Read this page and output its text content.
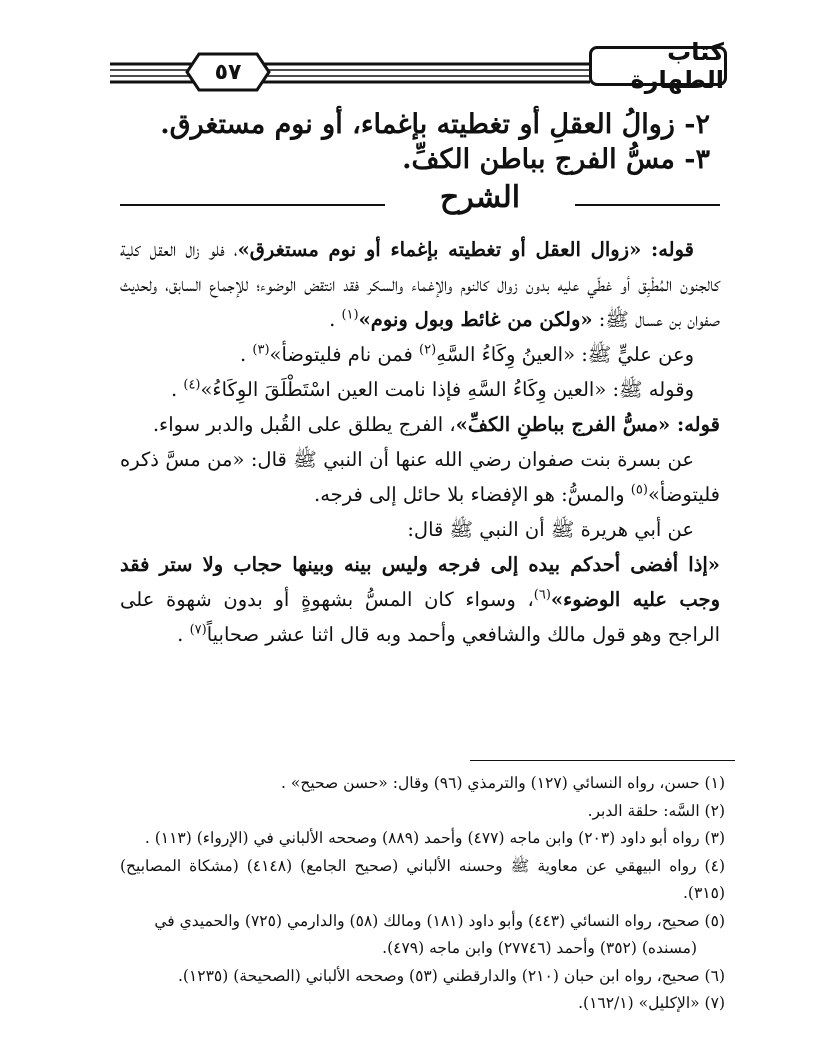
٥٧
كتاب الطهارة
٢- زوالُ العقلِ أو تغطيته بإغماء، أو نوم مستغرق.
٣- مسُّ الفرج بباطن الكفِّ.
الشرح

قوله: «زوال العقل أو تغطيته بإغماء أو نوم مستغرق»، فلو زال العقل كلية كالجنون المُطْبِق أو غطّي عليه بدون زوال كالنوم والإغماء والسكر فقد انتقض الوضوء؛ للإجماع السابق، ولحديث صفوان بن عسال ﷺ: «ولكن من غائط وبول ونوم»$^{(١)}$ .

وعن عليٍّ ﷺ: «العينُ وِكَاءُ السَّهِ$^{(٢)}$ فمن نام فليتوضأ»$^{(٣)}$ .

وقوله ﷺ: «العين وِكَاءُ السَّهِ فإذا نامت العين اسْتَطْلَقَ الوِكَاءُ»$^{(٤)}$ .

قوله: «مسُّ الفرج بباطنِ الكفِّ»، الفرج يطلق على القُبل والدبر سواء.

عن بسرة بنت صفوان رضي الله عنها أن النبي ﷺ قال: «من مسَّ ذكره فليتوضأ»$^{(٥)}$ والمسُّ: هو الإفضاء بلا حائل إلى فرجه.

عن أبي هريرة ﷺ أن النبي ﷺ قال:

«إذا أفضى أحدكم بيده إلى فرجه وليس بينه وبينها حجاب ولا ستر فقد وجب عليه الوضوء»$^{(٦)}$، وسواء كان المسُّ بشهوةٍ أو بدون شهوة على الراجح وهو قول مالك والشافعي وأحمد وبه قال اثنا عشر صحابياً$^{(٧)}$ .

(١) حسن، رواه النسائي (١٢٧) والترمذي (٩٦) وقال: «حسن صحيح» .

(٢) السَّه: حلقة الدبر.

(٣) رواه أبو داود (٢٠٣) وابن ماجه (٤٧٧) وأحمد (٨٨٩) وصححه الألباني في (الإرواء) (١١٣) .

(٤) رواه البيهقي عن معاوية ﷺ وحسنه الألباني (صحيح الجامع) (٤١٤٨) (مشكاة المصابيح) (٣١٥).

(٥) صحيح، رواه النسائي (٤٤٣) وأبو داود (١٨١) ومالك (٥٨) والدارمي (٧٢٥) والحميدي في

(مسنده) (٣٥٢) وأحمد (٢٧٧٤٦) وابن ماجه (٤٧٩).

(٦) صحيح، رواه ابن حبان (٢١٠) والدارقطني (٥٣) وصححه الألباني (الصحيحة) (١٢٣٥).

(٧) «الإكليل» (١٦٢/١).
